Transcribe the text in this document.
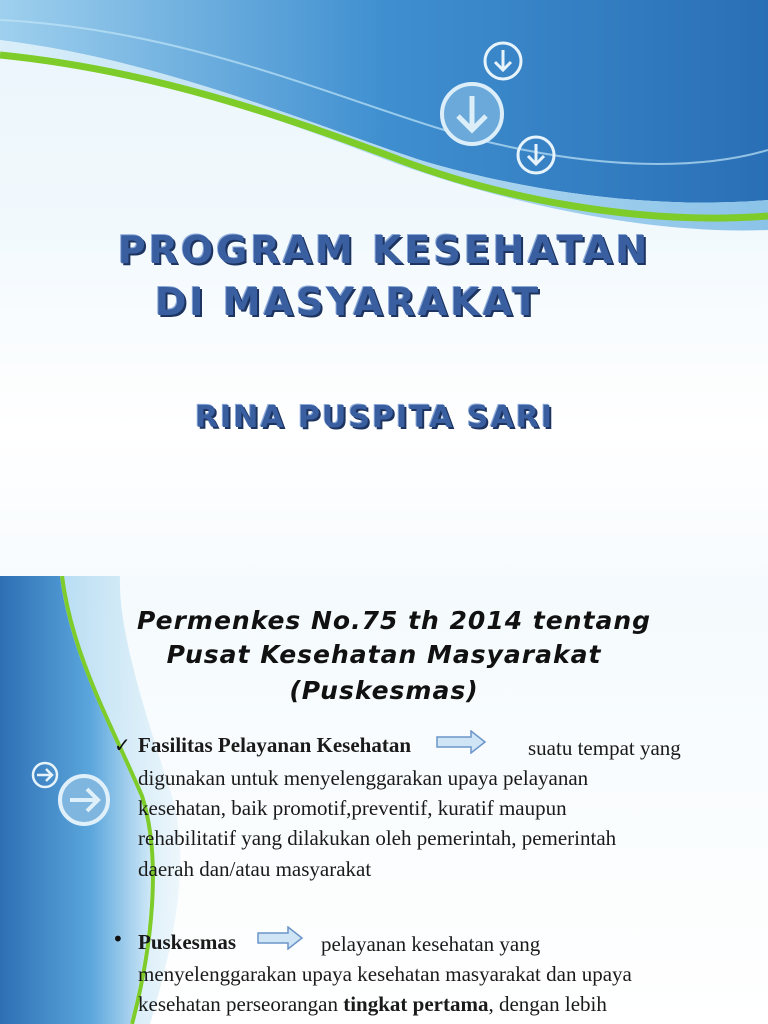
PROGRAM KESEHATAN
DI MASYARAKAT
RINA PUSPITA SARI
Permenkes No.75 th 2014 tentang
Pusat Kesehatan Masyarakat
(Puskesmas)
✓ Fasilitas Pelayanan Kesehatan	suatu tempat yang
digunakan untuk menyelenggarakan upaya pelayanan
kesehatan, baik promotif,preventif, kuratif maupun
rehabilitatif yang dilakukan oleh pemerintah, pemerintah
daerah dan/atau masyarakat
• Puskesmas	pelayanan kesehatan yang
menyelenggarakan upaya kesehatan masyarakat dan upaya
kesehatan perseorangan tingkat pertama, dengan lebih
